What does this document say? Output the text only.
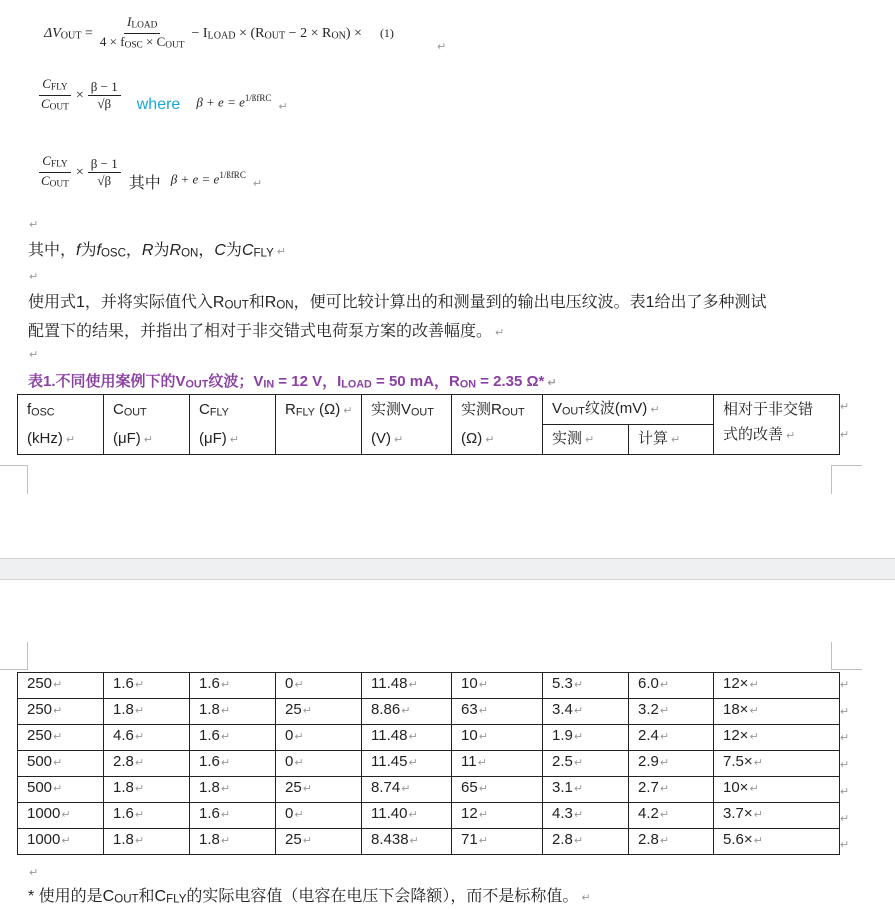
ΔVOUT = $\frac{\text{ILOAD}}{\text{4 × fOSC × COUT}}$ − ILOAD × (ROUT − 2 × RON) × (1)
↵
$\frac{\text{CFLY}}{\text{COUT}} \times \frac{\beta - 1}{√\beta}$ where $\beta + e = e^{1/ßfRC}$
↵
$\frac{\text{CFLY}}{\text{COUT}} \times \frac{\beta - 1}{√\beta}$ 其中 $\beta + e = e^{1/ßfRC}$
↵
↵
其中，f为fOSC，R为RON，C为CFLY ↵
↵
使用式1，并将实际值代入ROUT和RON，便可比较计算出的和测量到的输出电压纹波。表1给出了多种测试
配置下的结果，并指出了相对于非交错式电荷泵方案的改善幅度。 ↵
↵
表1.不同使用案例下的VOUT纹波；VIN = 12 V，ILOAD = 50 mA，RON = 2.35 Ω* ↵
fOSC
(kHz) ↵	COUT
(μF) ↵	CFLY
(μF) ↵	RFLY (Ω) ↵	实测VOUT
(V) ↵	实测ROUT
(Ω) ↵	VOUT纹波(mV) ↵		相对于非交错
式的改善 ↵
						实测 ↵	计算 ↵	
↵
↵
250↵	1.6↵	1.6↵	0↵	11.48↵	10↵	5.3↵	6.0↵	12×↵
250↵	1.8↵	1.8↵	25↵	8.86↵	63↵	3.4↵	3.2↵	18×↵
250↵	4.6↵	1.6↵	0↵	11.48↵	10↵	1.9↵	2.4↵	12×↵
500↵	2.8↵	1.6↵	0↵	11.45↵	11↵	2.5↵	2.9↵	7.5×↵
500↵	1.8↵	1.8↵	25↵	8.74↵	65↵	3.1↵	2.7↵	10×↵
1000↵	1.6↵	1.6↵	0↵	11.40↵	12↵	4.3↵	4.2↵	3.7×↵
1000↵	1.8↵	1.8↵	25↵	8.438↵	71↵	2.8↵	2.8↵	5.6×↵
↵
↵
↵
↵
↵
↵
↵
↵
* 使用的是COUT和CFLY的实际电容值（电容在电压下会降额），而不是标称值。 ↵
